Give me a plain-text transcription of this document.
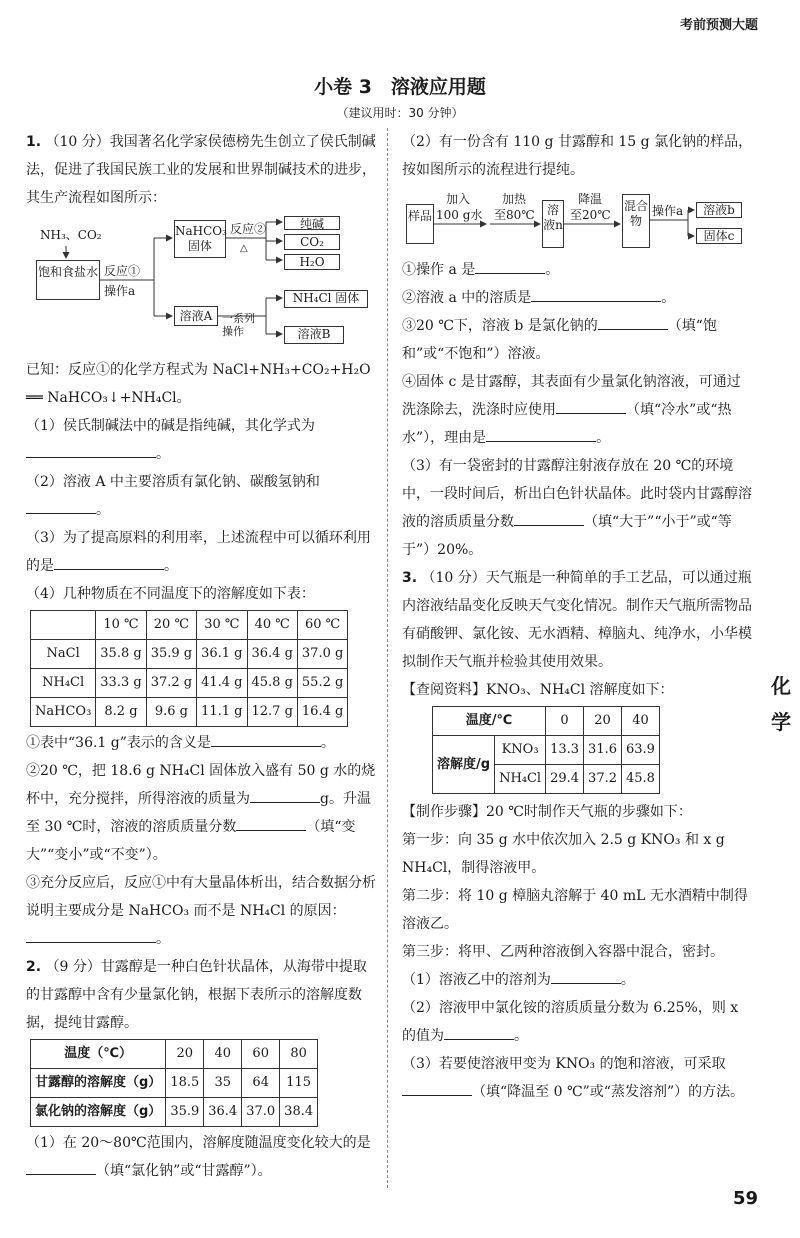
考前预测大题
化
学
59
小卷 3　溶液应用题
（建议用时：30 分钟）

1. （10 分）我国著名化学家侯德榜先生创立了侯氏制碱法，促进了我国民族工业的发展和世界制碱技术的进步，其生产流程如图所示：

NH₃、CO₂
饱和食盐水 反应①
操作a
NaHCO₃固体
反应②
△
纯碱
CO₂
H₂O
溶液A 一系列操作
NH₄Cl 固体
溶液B

已知：反应①的化学方程式为 NaCl+NH₃+CO₂+H₂O ══ NaHCO₃↓+NH₄Cl。

（1）侯氏制碱法中的碱是指纯碱，其化学式为。

（2）溶液 A 中主要溶质有氯化钠、碳酸氢钠和。

（3）为了提高原料的利用率，上述流程中可以循环利用的是	。

（4）几种物质在不同温度下的溶解度如下表：

	10 ℃	20 ℃	30 ℃	40 ℃	60 ℃
NaCl	35.8 g	35.9 g	36.1 g	36.4 g	37.0 g
NH₄Cl	33.3 g	37.2 g	41.4 g	45.8 g	55.2 g
NaHCO₃	8.2 g	9.6 g	11.1 g	12.7 g	16.4 g

①表中“36.1 g”表示的含义是	。

②20 ℃，把 18.6 g NH₄Cl 固体放入盛有 50 g 水的烧杯中，充分搅拌，所得溶液的质量为	g。升温至 30 ℃时，溶液的溶质质量分数	（填“变大”“变小”或“不变”）。

③充分反应后，反应①中有大量晶体析出，结合数据分析说明主要成分是 NaHCO₃ 而不是 NH₄Cl 的原因：。

2. （9 分）甘露醇是一种白色针状晶体，从海带中提取的甘露醇中含有少量氯化钠，根据下表所示的溶解度数据，提纯甘露醇。

温度（℃）	20	40	60	80
甘露醇的溶解度（g）	18.5	35	64	115
氯化钠的溶解度（g）	35.9	36.4	37.0	38.4

（1）在 20～80℃范围内，溶解度随温度变化较大的是（填“氯化钠”或“甘露醇”）。

（2）有一份含有 110 g 甘露醇和 15 g 氯化钠的样品，按如图所示的流程进行提纯。

样品
加入
100 g水
加热
至80℃	溶液n
降温
至20℃
混合物
操作a	溶液b
固体c

①操作 a 是	。

②溶液 a 中的溶质是	。

③20 ℃下，溶液 b 是氯化钠的	（填“饱和”或“不饱和”）溶液。

④固体 c 是甘露醇，其表面有少量氯化钠溶液，可通过洗涤除去，洗涤时应使用	（填“冷水”或“热水”），理由是	。

（3）有一袋密封的甘露醇注射液存放在 20 ℃的环境中，一段时间后，析出白色针状晶体。此时袋内甘露醇溶液的溶质质量分数	（填“大于”“小于”或“等于”）20%。

3. （10 分）天气瓶是一种简单的手工艺品，可以通过瓶内溶液结晶变化反映天气变化情况。制作天气瓶所需物品有硝酸钾、氯化铵、无水酒精、樟脑丸、纯净水，小华模拟制作天气瓶并检验其使用效果。

【查阅资料】KNO₃、NH₄Cl 溶解度如下：

温度/℃		0	20	40
溶解度/g	KNO₃	13.3	31.6	63.9
	NH₄Cl	29.4	37.2	45.8

【制作步骤】20 ℃时制作天气瓶的步骤如下：

第一步：向 35 g 水中依次加入 2.5 g KNO₃ 和 x g NH₄Cl，制得溶液甲。

第二步：将 10 g 樟脑丸溶解于 40 mL 无水酒精中制得溶液乙。

第三步：将甲、乙两种溶液倒入容器中混合，密封。

（1）溶液乙中的溶剂为	。

（2）溶液甲中氯化铵的溶质质量分数为 6.25%，则 x 的值为	。

（3）若要使溶液甲变为 KNO₃ 的饱和溶液，可采取（填“降温至 0 ℃”或“蒸发溶剂”）的方法。
